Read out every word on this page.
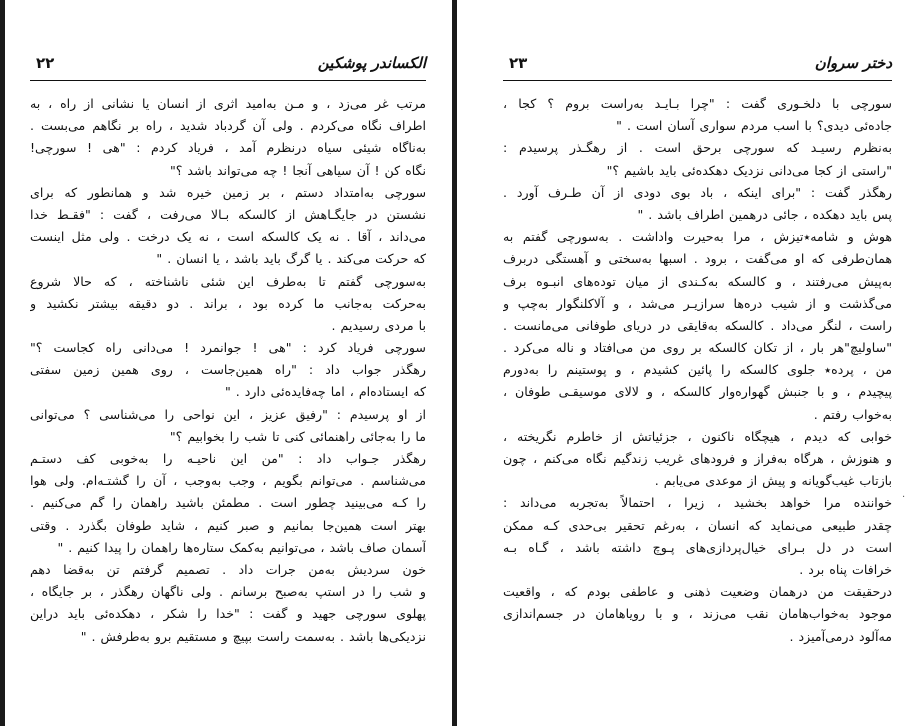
الکساندر پوشکین
۲۲
مرتب غر می‌زد ، و مـن به‌امید اثری از انسان یا نشانی از راه ، به
اطراف نگاه می‌کردم . ولی آن گردباد شدید ، راه بر نگاهم می‌بست .
به‌ناگاه شیئی سیاه درنظرم آمد ، فریاد کردم : "هی ! سورچی!
نگاه کن ! آن سیاهی آنجا ! چه می‌تواند باشد ؟"
سورچی به‌امتداد دستم ، بر زمین خیره شد و همانطور که برای
نشستن در جایگـاهش از کالسکه بـالا می‌رفت ، گفت : "فقـط خدا
می‌داند ، آقا . نه یک کالسکه است ، نه یک درخت . ولی مثل اینست
که حرکت می‌کند . یا گرگ باید باشد ، یا انسان . "
به‌سورچی گفتم تا به‌طرف این شئی ناشناخته ، که حالا شروع
به‌حرکت به‌جانب ما کرده بود ، براند . دو دقیقه بیشتر نکشید و
با مردی رسیدیم .
سورچی فریاد کرد : "هی ! جوانمرد ! می‌دانی راه کجاست ؟"
رهگذر جواب داد : "راه همین‌جاست ، روی همین زمین سفتی
که ایستاده‌ام ، اما چه‌فایده‌ئی دارد . "
از او پرسیدم : "رفیق عزیز ، این نواحی را می‌شناسی ؟ می‌توانی
ما را به‌جائی راهنمائی کنی تا شب را بخوابیم ؟"
رهگذر جـواب داد : "من این ناحیـه را به‌خوبی کف دستـم
می‌شناسم . می‌توانم بگویم ، وجب به‌وجب ، آن را گشتـه‌ام. ولی هوا
را کـه می‌بینید چطور است . مطمئن باشید راهمان را گم می‌کنیم .
بهتر است همین‌جا بمانیم و صبر کنیم ، شاید طوفان بگذرد . وقتی
آسمان صاف باشد ، می‌توانیم به‌کمک ستاره‌ها راهمان را پیدا کنیم . "
خون سردیش به‌من جرات داد . تصمیم گرفتم تن به‌قضا دهم
و شب را در استپ به‌صبح برسانم . ولی ناگهان رهگذر ، بر جایگاه ،
پهلوی سورچی جهید و گفت : "خدا را شکر ، دهکده‌ئی باید دراین
نزدیکی‌ها باشد . به‌سمت راست بپیچ و مستقیم برو به‌طرفش . "
دختر سروان
۲۳
سورچی با دلخـوری گفت : "چرا بـایـد به‌راست بروم ؟ کجا ،
جاده‌ئی دیدی؟ با اسب مردم سواری آسان است . "
به‌نظرم رسیـد که سورچی برحق است . از رهگـذر پرسیدم :
"راستی از کجا می‌دانی نزدیک دهکده‌ئی باید باشیم ؟"
رهگذر گفت : "برای اینکه ، باد بوی دودی از آن طـرف آورد .
پس باید دهکده ، جائی درهمین اطراف باشد . "
هوش و شامه٭تیزش ، مرا به‌حیرت واداشت . به‌سورچی گفتم به
همان‌طرفی که او می‌گفت ، برود . اسبها به‌سختی و آهستگی دربرف
به‌پیش می‌رفتند ، و کالسکه به‌کـندی از میان توده‌های انبـوه برف
می‌گذشت و از شیب دره‌ها سرازیـر می‌شد ، و آلاکلنگوار به‌چپ و
راست ، لنگر می‌داد . کالسکه به‌قایقی در دریای طوفانی می‌مانست .
"ساولیچ"هر بار ، از تکان کالسکه بر روی من می‌افتاد و ناله می‌کرد .
من ، پرده٭ جلوی کالسکه را پائین کشیدم ، و پوستینم را به‌دورم
پیچیدم ، و با جنبش گهواره‌وار کالسکه ، و لالای موسیقـی طوفان ،
به‌خواب رفتم .
خوابی که دیدم ، هیچگاه ناکنون ، جزئیاتش از خاطرم نگریخته ،
و هنوزش ، هرگاه به‌فراز و فرودهای غریب زندگیم نگاه می‌کنم ، چون
بازتاب غیب‌گویانه و پیش از موعدی می‌یابم .
خواننده مرا خواهد بخشید ، زیرا ، احتمالاً به‌تجربه می‌داند :
چقدر طبیعی می‌نماید که انسان ، به‌رغم تحقیر بی‌حدی کـه ممکن
است در دل بـرای خیال‌پردازی‌های پـوچ داشته باشد ، گـاه بـه
خرافات پناه برد .
درحقیقت من درهمان وضعیت ذهنی و عاطفی بودم که ، واقعیت
موجود به‌خواب‌هامان نقب می‌زند ، و با رویاهامان در جسم‌اندازی
مه‌آلود درمی‌آمیزد .
·
